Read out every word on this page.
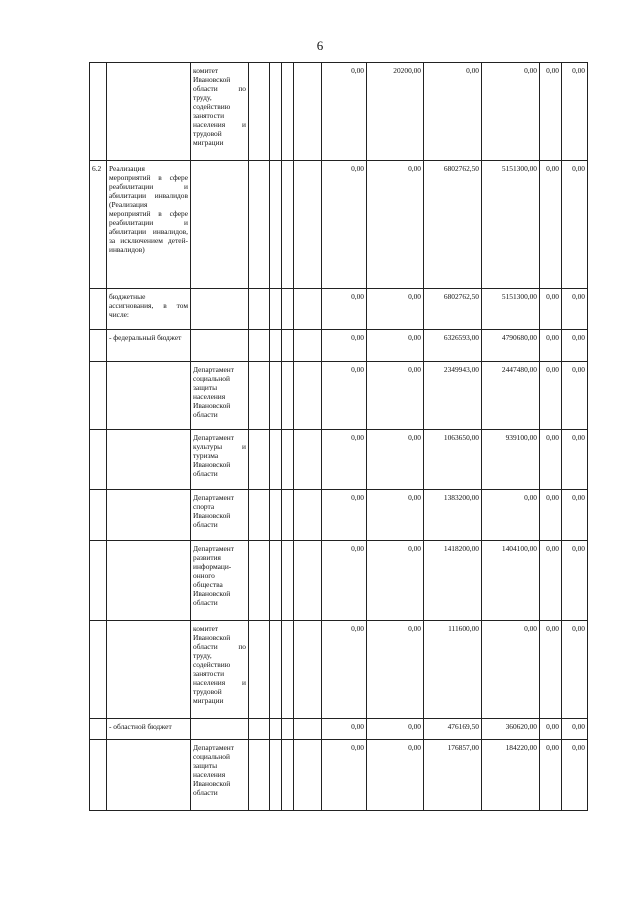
6
		комитет Ивановской области по труду, содействию занятости населения и трудовой миграции					0,00	20200,00	0,00	0,00	0,00	0,00
6.2	Реализация мероприятий в сфере реабилитации и абилитации инвалидов (Реализация мероприятий в сфере реабилитации и абилитации инвалидов, за исключением детей-инвалидов)						0,00	0,00	6802762,50	5151300,00	0,00	0,00
	бюджетные ассигнования, в том числе:						0,00	0,00	6802762,50	5151300,00	0,00	0,00
	- федеральный бюджет						0,00	0,00	6326593,00	4790680,00	0,00	0,00
		Департамент социальной защиты населения Ивановской области					0,00	0,00	2349943,00	2447480,00	0,00	0,00
		Департамент культуры и туризма Ивановской области					0,00	0,00	1063650,00	939100,00	0,00	0,00
		Департамент спорта Ивановской области					0,00	0,00	1383200,00	0,00	0,00	0,00
		Департамент развития информаци-онного общества Ивановской области					0,00	0,00	1418200,00	1404100,00	0,00	0,00
		комитет Ивановской области по труду, содействию занятости населения и трудовой миграции					0,00	0,00	111600,00	0,00	0,00	0,00
	- областной бюджет						0,00	0,00	476169,50	360620,00	0,00	0,00
		Департамент социальной защиты населения Ивановской области					0,00	0,00	176857,00	184220,00	0,00	0,00
